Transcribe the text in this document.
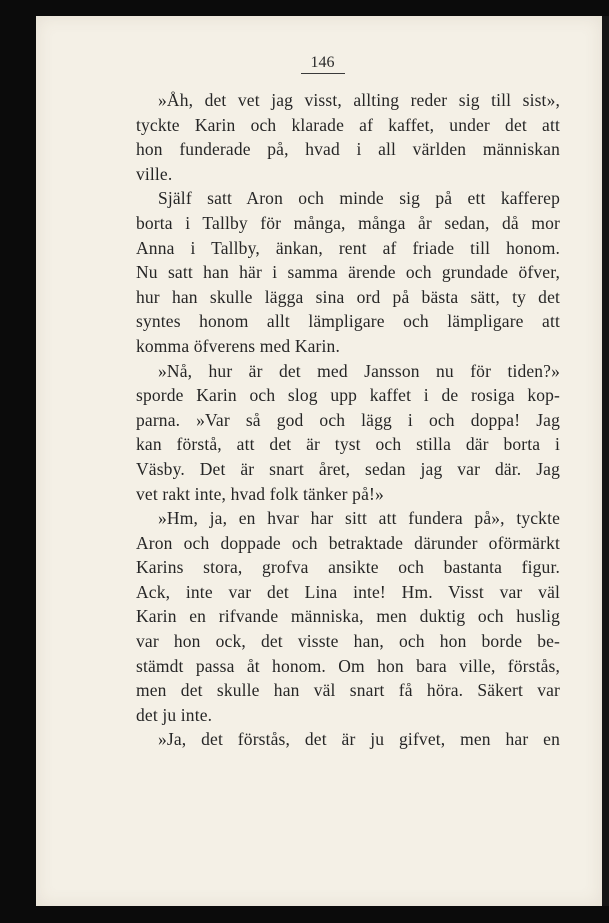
146
»Åh, det vet jag visst, allting reder sig till sist»,
tyckte Karin och klarade af kaffet, under det att
hon funderade på, hvad i all världen människan
ville.
Själf satt Aron och minde sig på ett kafferep
borta i Tallby för många, många år sedan, då mor
Anna i Tallby, änkan, rent af friade till honom.
Nu satt han här i samma ärende och grundade öfver,
hur han skulle lägga sina ord på bästa sätt, ty det
syntes honom allt lämpligare och lämpligare att
komma öfverens med Karin.
»Nå, hur är det med Jansson nu för tiden?»
sporde Karin och slog upp kaffet i de rosiga kop-
parna. »Var så god och lägg i och doppa! Jag
kan förstå, att det är tyst och stilla där borta i
Väsby. Det är snart året, sedan jag var där. Jag
vet rakt inte, hvad folk tänker på!»
»Hm, ja, en hvar har sitt att fundera på», tyckte
Aron och doppade och betraktade därunder oförmärkt
Karins stora, grofva ansikte och bastanta figur.
Ack, inte var det Lina inte! Hm. Visst var väl
Karin en rifvande människa, men duktig och huslig
var hon ock, det visste han, och hon borde be-
stämdt passa åt honom. Om hon bara ville, förstås,
men det skulle han väl snart få höra. Säkert var
det ju inte.
»Ja, det förstås, det är ju gifvet, men har en
